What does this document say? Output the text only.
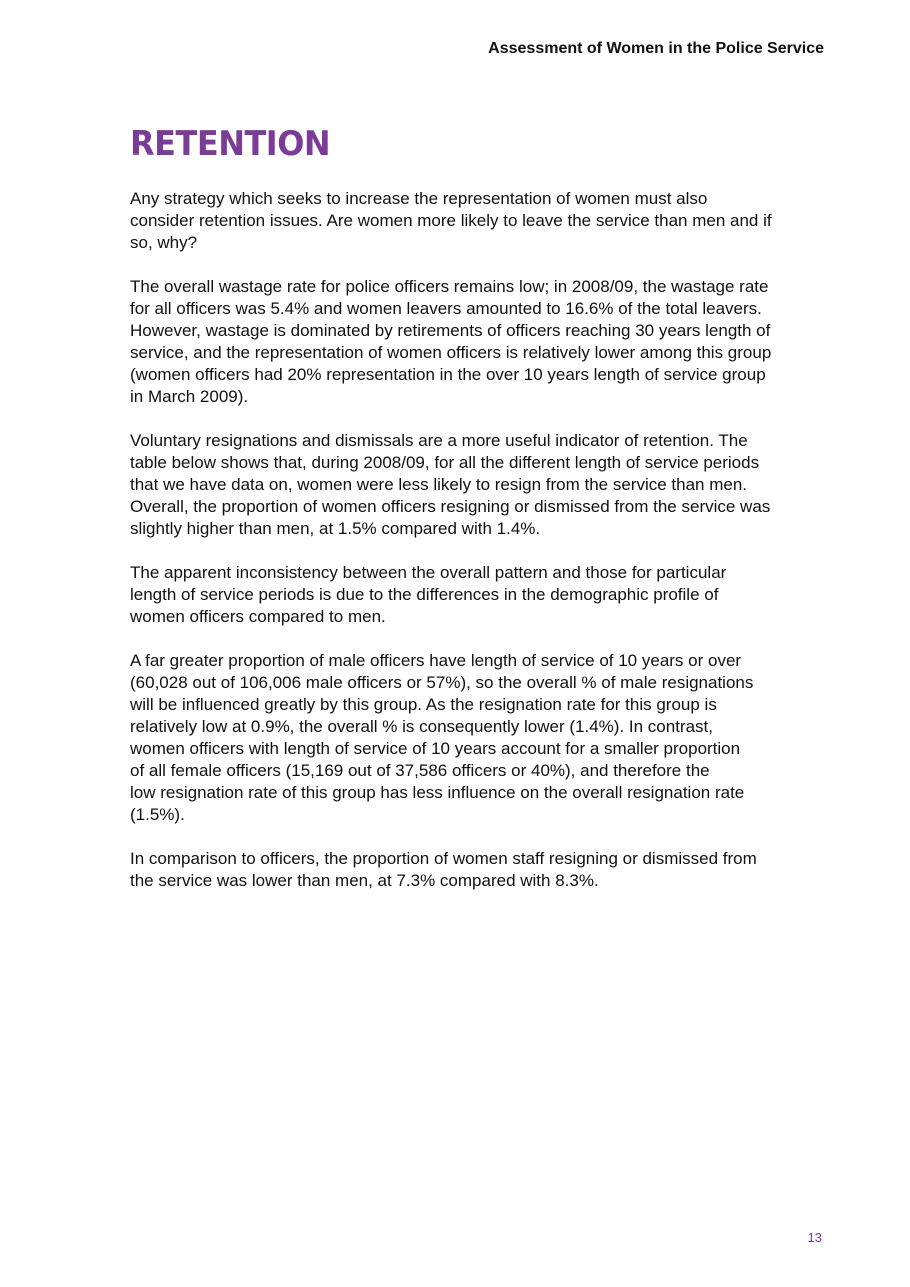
Assessment of Women in the Police Service
RETENTION

Any strategy which seeks to increase the representation of women must also
consider retention issues. Are women more likely to leave the service than men and if
so, why?

The overall wastage rate for police officers remains low; in 2008/09, the wastage rate
for all officers was 5.4% and women leavers amounted to 16.6% of the total leavers.
However, wastage is dominated by retirements of officers reaching 30 years length of
service, and the representation of women officers is relatively lower among this group
(women officers had 20% representation in the over 10 years length of service group
in March 2009).

Voluntary resignations and dismissals are a more useful indicator of retention. The
table below shows that, during 2008/09, for all the different length of service periods
that we have data on, women were less likely to resign from the service than men.
Overall, the proportion of women officers resigning or dismissed from the service was
slightly higher than men, at 1.5% compared with 1.4%.

The apparent inconsistency between the overall pattern and those for particular
length of service periods is due to the differences in the demographic profile of
women officers compared to men.

A far greater proportion of male officers have length of service of 10 years or over
(60,028 out of 106,006 male officers or 57%), so the overall % of male resignations
will be influenced greatly by this group. As the resignation rate for this group is
relatively low at 0.9%, the overall % is consequently lower (1.4%). In contrast,
women officers with length of service of 10 years account for a smaller proportion
of all female officers (15,169 out of 37,586 officers or 40%), and therefore the
low resignation rate of this group has less influence on the overall resignation rate
(1.5%).

In comparison to officers, the proportion of women staff resigning or dismissed from
the service was lower than men, at 7.3% compared with 8.3%.

13
